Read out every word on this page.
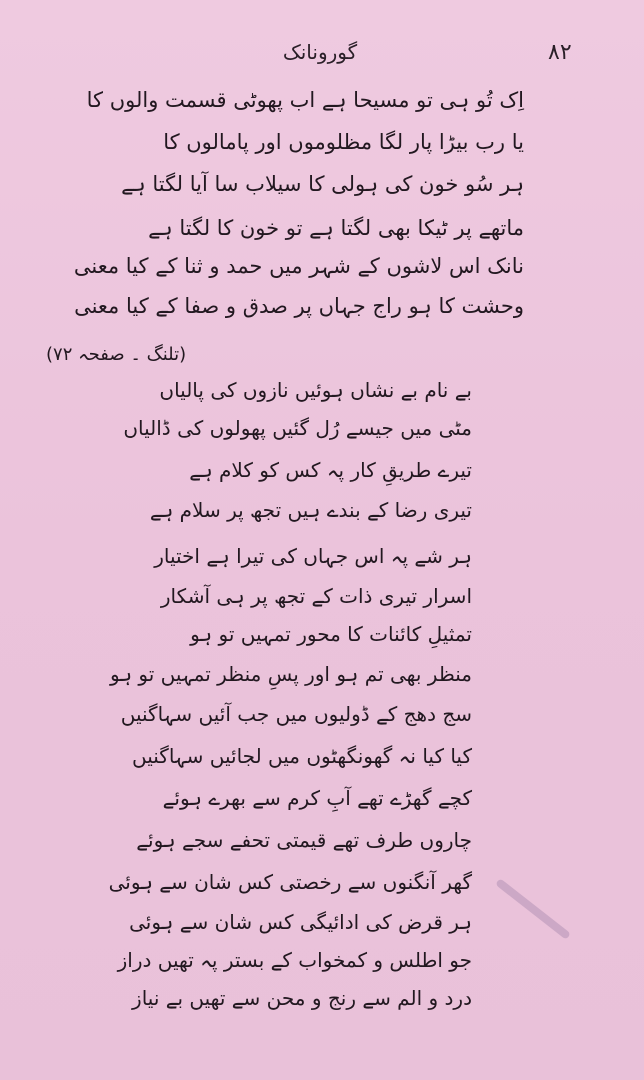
۸۲
گورونانک
اِک تُو ہی تو مسیحا ہے اب پھوٹی قسمت والوں کا
یا رب بیڑا پار لگا مظلوموں اور پامالوں کا
ہر سُو خون کی ہولی کا سیلاب سا آیا لگتا ہے
ماتھے پر ٹیکا بھی لگتا ہے تو خون کا لگتا ہے
نانک اس لاشوں کے شہر میں حمد و ثنا کے کیا معنی
وحشت کا ہو راج جہاں پر صدق و صفا کے کیا معنی
(تلنگ ۔ صفحہ ۷۲)
بے نام بے نشاں ہوئیں نازوں کی پالیاں
مٹی میں جیسے رُل گئیں پھولوں کی ڈالیاں
تیرے طریقِ کار پہ کس کو کلام ہے
تیری رضا کے بندے ہیں تجھ پر سلام ہے
ہر شے پہ اس جہاں کی تیرا ہے اختیار
اسرار تیری ذات کے تجھ پر ہی آشکار
تمثیلِ کائنات کا محور تمہیں تو ہو
منظر بھی تم ہو اور پسِ منظر تمہیں تو ہو
سج دھج کے ڈولیوں میں جب آئیں سہاگنیں
کیا کیا نہ گھونگھٹوں میں لجائیں سہاگنیں
کچے گھڑے تھے آبِ کرم سے بھرے ہوئے
چاروں طرف تھے قیمتی تحفے سجے ہوئے
گھر آنگنوں سے رخصتی کس شان سے ہوئی
ہر قرض کی ادائیگی کس شان سے ہوئی
جو اطلس و کمخواب کے بستر پہ تھیں دراز
درد و الم سے رنج و محن سے تھیں بے نیاز
